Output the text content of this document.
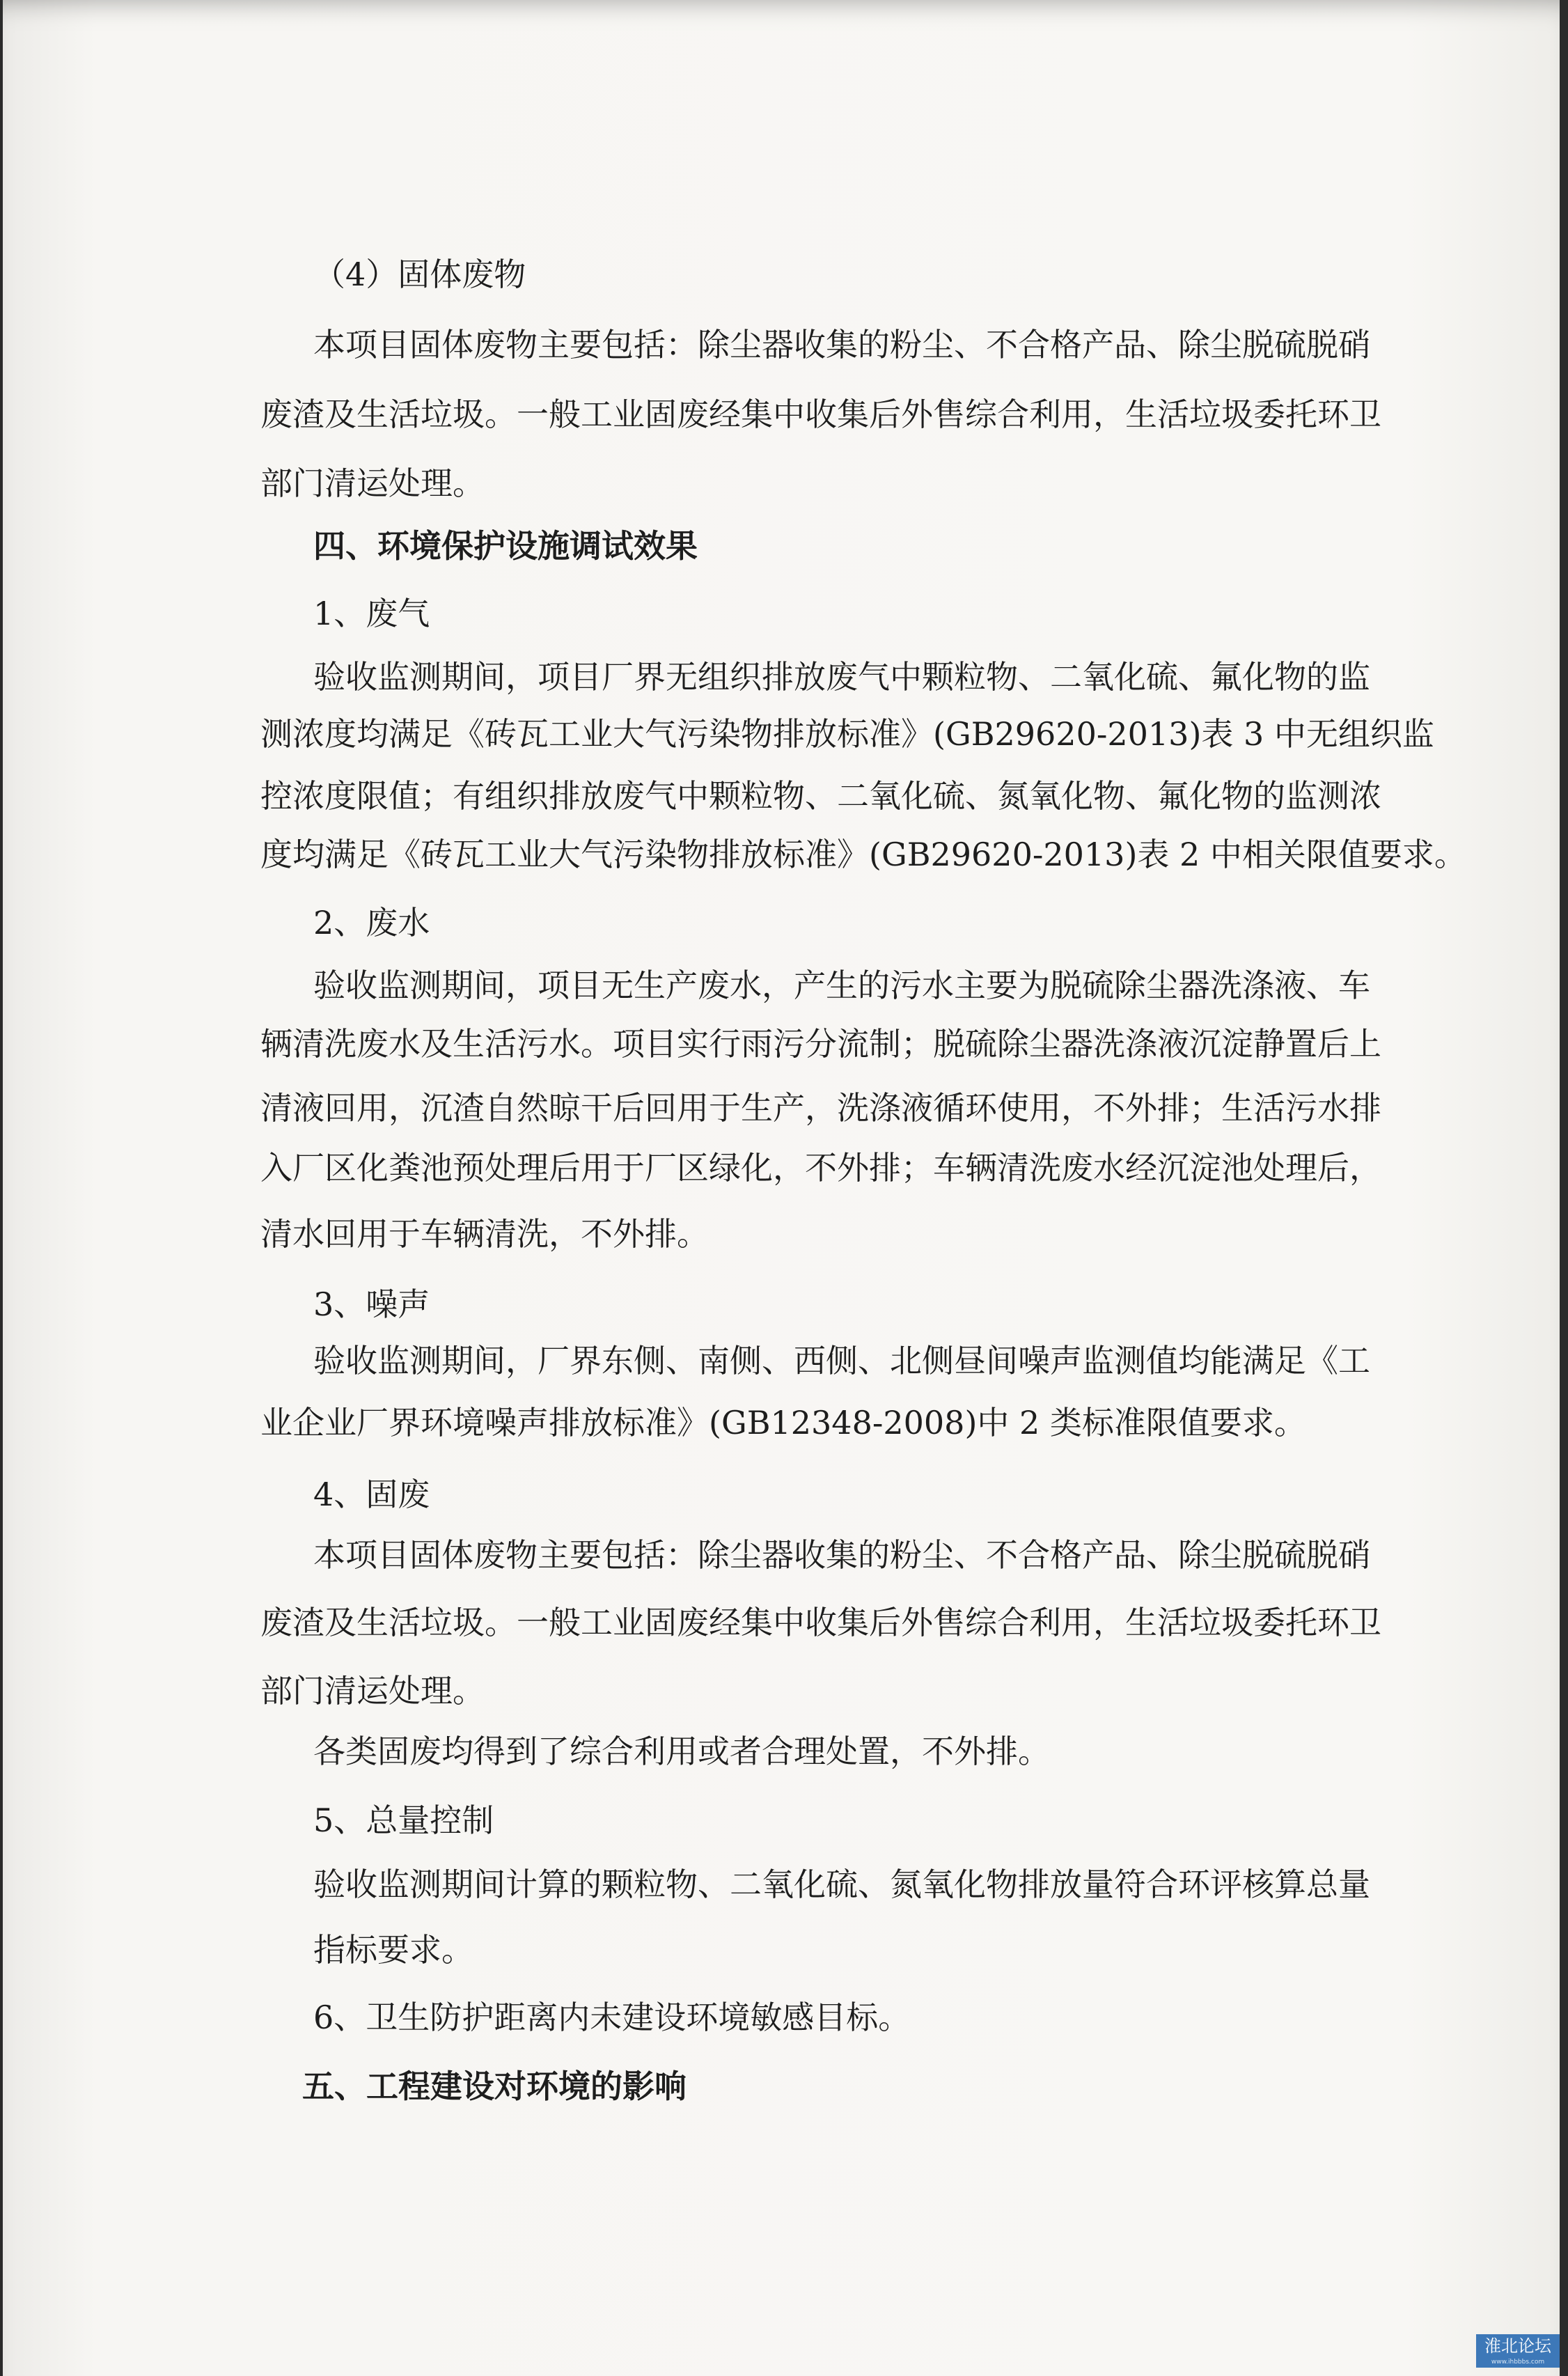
（4）固体废物

本项目固体废物主要包括：除尘器收集的粉尘、不合格产品、除尘脱硫脱硝

废渣及生活垃圾。一般工业固废经集中收集后外售综合利用，生活垃圾委托环卫

部门清运处理。

四、环境保护设施调试效果

1、废气

验收监测期间，项目厂界无组织排放废气中颗粒物、二氧化硫、氟化物的监

测浓度均满足《砖瓦工业大气污染物排放标准》(GB29620-2013)表 3 中无组织监

控浓度限值；有组织排放废气中颗粒物、二氧化硫、氮氧化物、氟化物的监测浓

度均满足《砖瓦工业大气污染物排放标准》(GB29620-2013)表 2 中相关限值要求。

2、废水

验收监测期间，项目无生产废水，产生的污水主要为脱硫除尘器洗涤液、车

辆清洗废水及生活污水。项目实行雨污分流制；脱硫除尘器洗涤液沉淀静置后上

清液回用，沉渣自然晾干后回用于生产，洗涤液循环使用，不外排；生活污水排

入厂区化粪池预处理后用于厂区绿化，不外排；车辆清洗废水经沉淀池处理后，

清水回用于车辆清洗，不外排。

3、噪声

验收监测期间，厂界东侧、南侧、西侧、北侧昼间噪声监测值均能满足《工

业企业厂界环境噪声排放标准》(GB12348-2008)中 2 类标准限值要求。

4、固废

本项目固体废物主要包括：除尘器收集的粉尘、不合格产品、除尘脱硫脱硝

废渣及生活垃圾。一般工业固废经集中收集后外售综合利用，生活垃圾委托环卫

部门清运处理。

各类固废均得到了综合利用或者合理处置，不外排。

5、总量控制

验收监测期间计算的颗粒物、二氧化硫、氮氧化物排放量符合环评核算总量

指标要求。

6、卫生防护距离内未建设环境敏感目标。

五、工程建设对环境的影响

淮北论坛
www.ihbbbs.com
